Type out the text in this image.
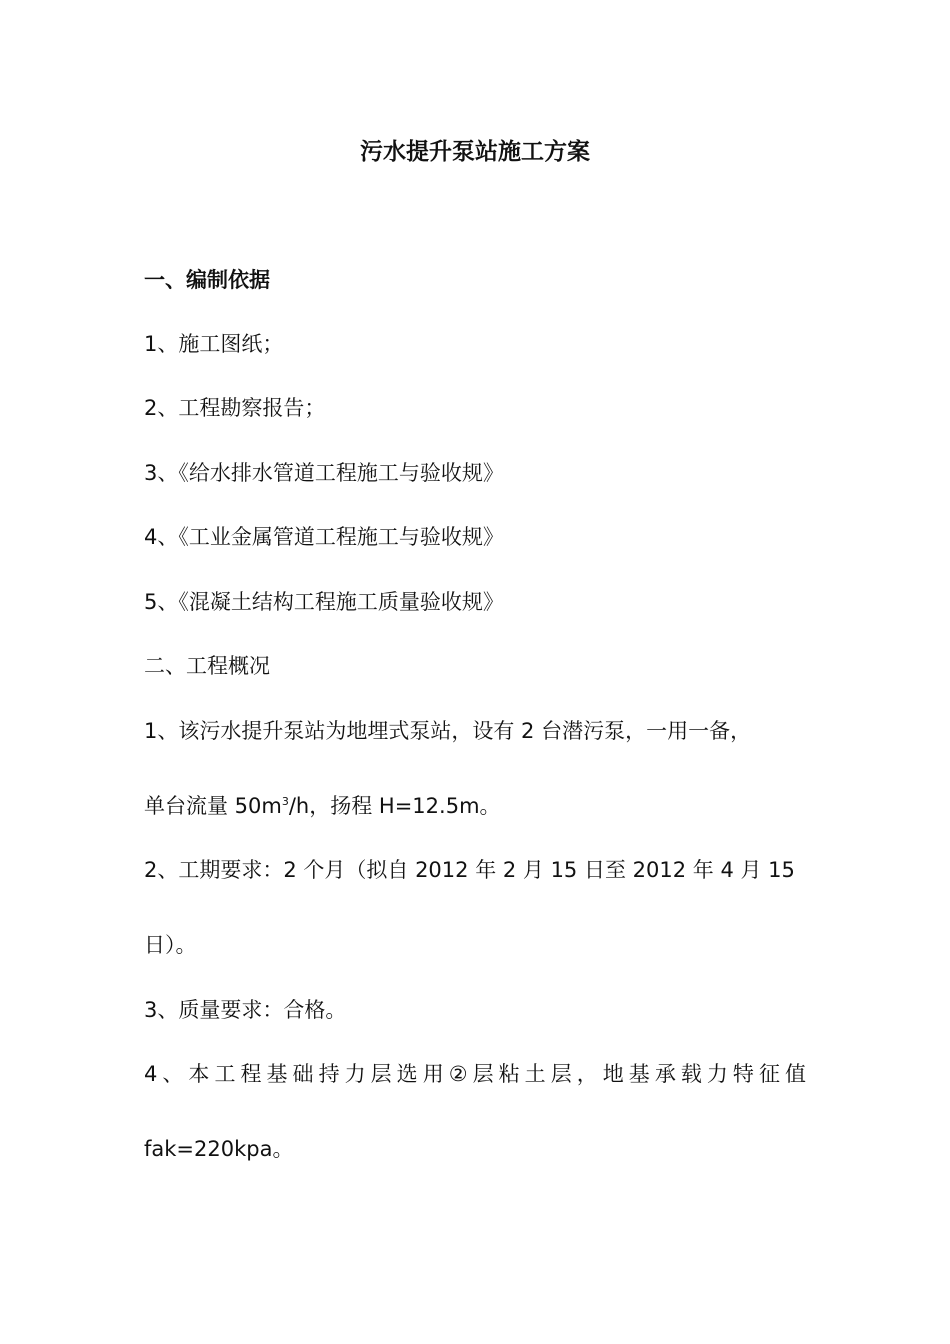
污水提升泵站施工方案
一、编制依据
1、施工图纸；
2、工程勘察报告；
3、《给水排水管道工程施工与验收规》
4、《工业金属管道工程施工与验收规》
5、《混凝土结构工程施工质量验收规》
二、工程概况
1、该污水提升泵站为地埋式泵站，设有 2 台潜污泵，一用一备，
单台流量 $50m^3/h$，扬程 H=12.5m。
2、工期要求：2 个月（拟自 2012 年 2 月 15 日至 2012 年 4 月 15
日）。
3、质量要求：合格。
4、本工程基础持力层选用②层粘土层，地基承载力特征值
fak=220kpa。
